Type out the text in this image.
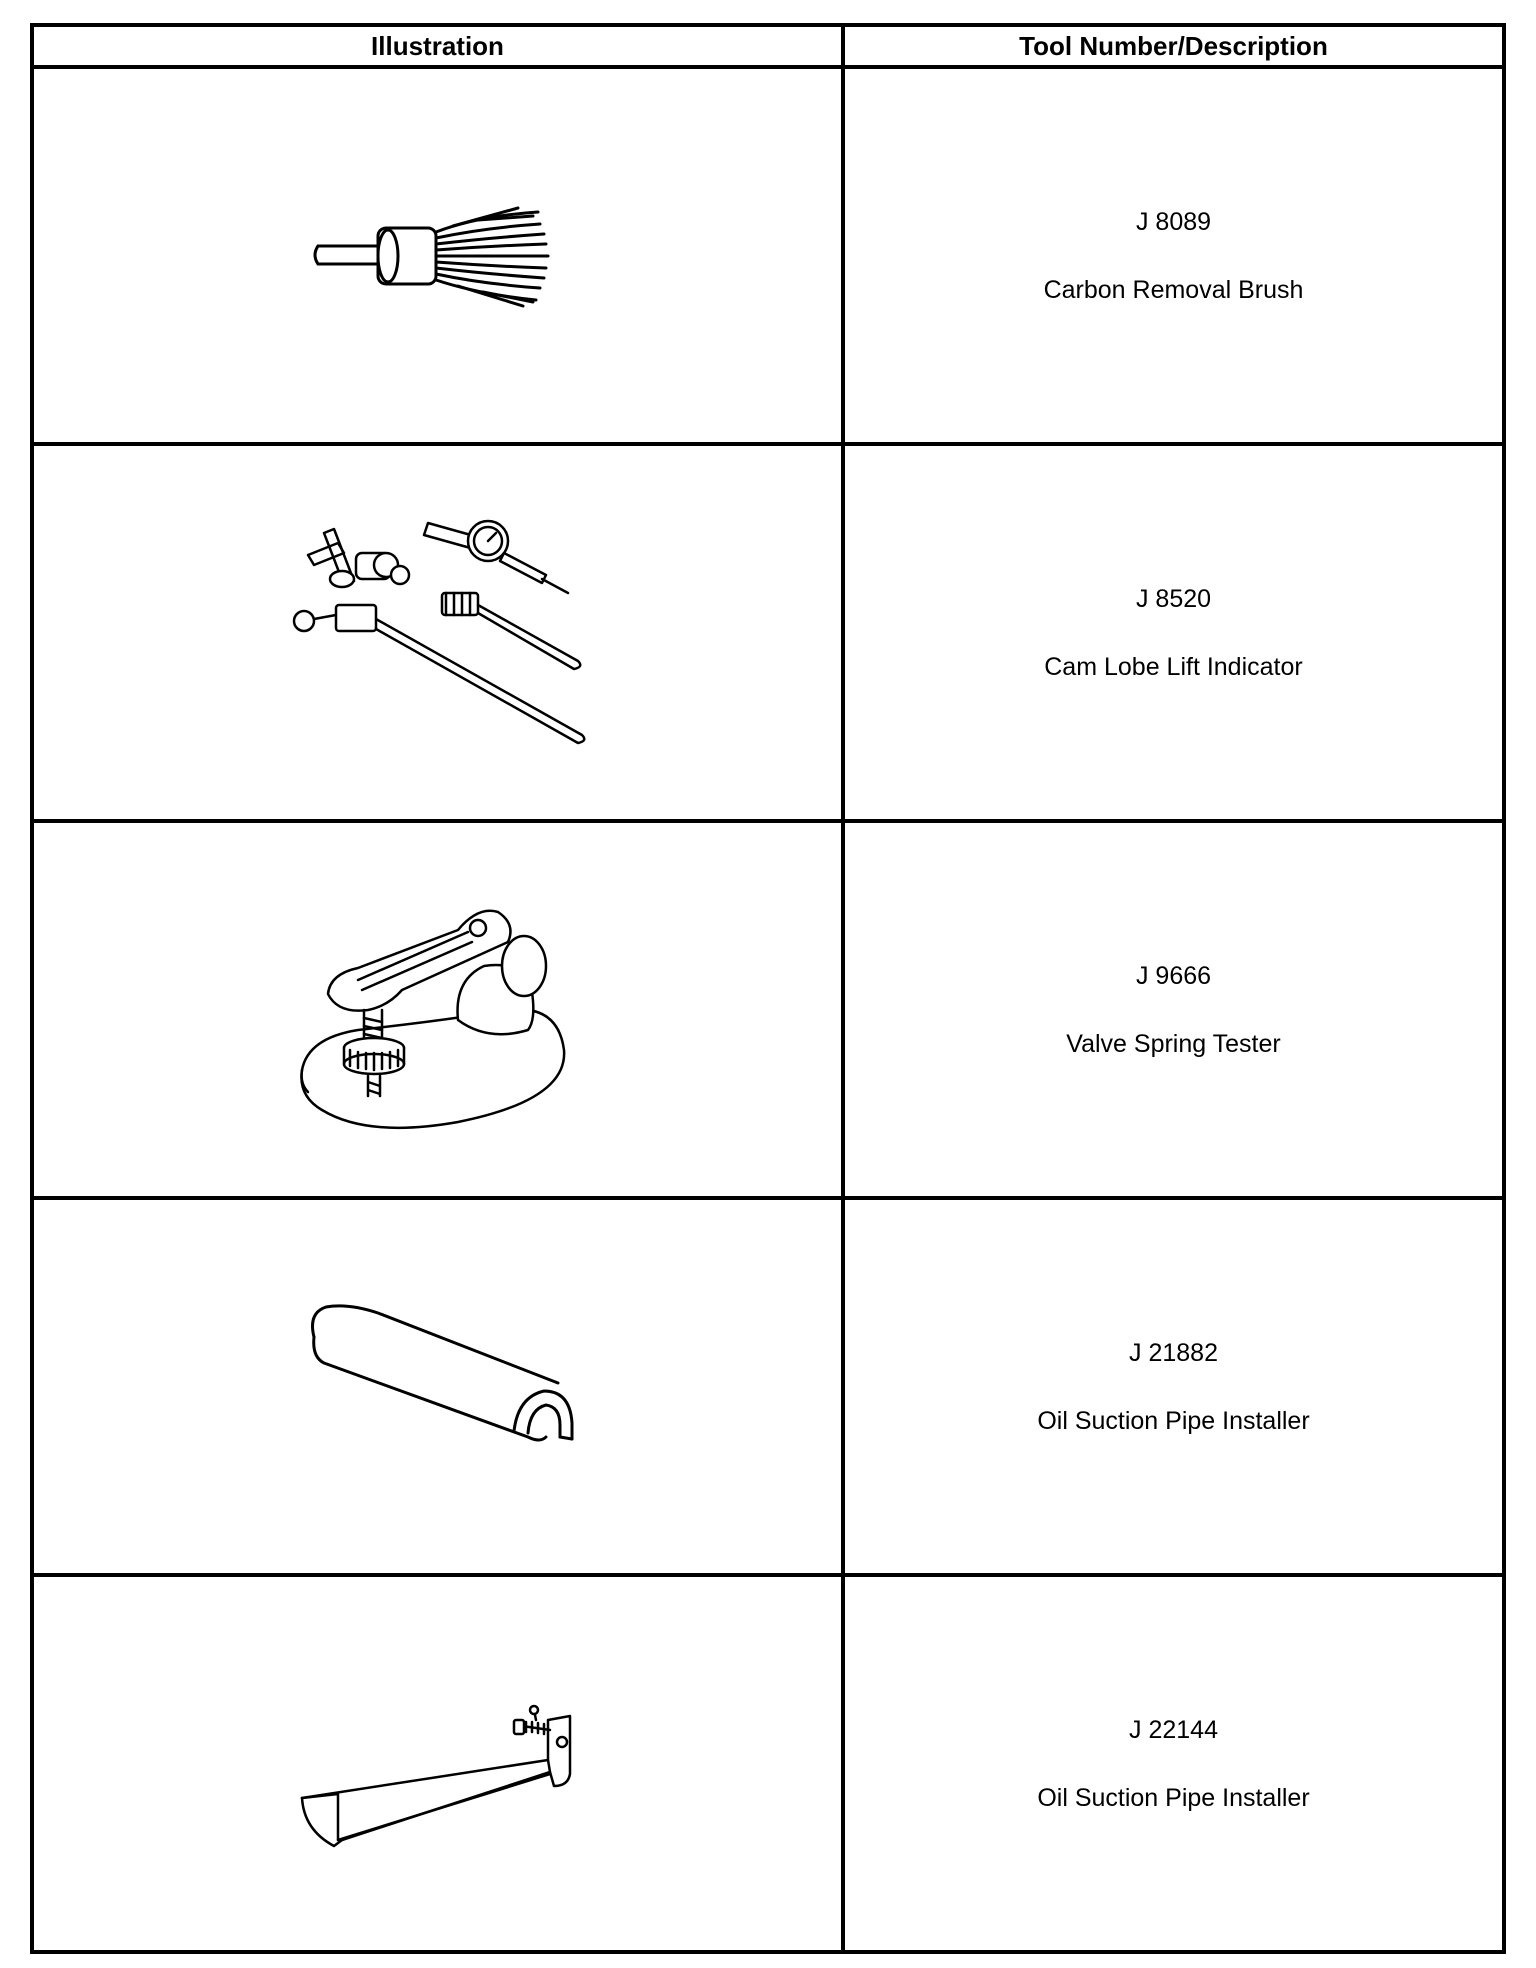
Illustration	Tool Number/Description

J 8089
Carbon Removal Brush

J 8520
Cam Lobe Lift Indicator

J 9666
Valve Spring Tester

J 21882
Oil Suction Pipe Installer

J 22144
Oil Suction Pipe Installer
